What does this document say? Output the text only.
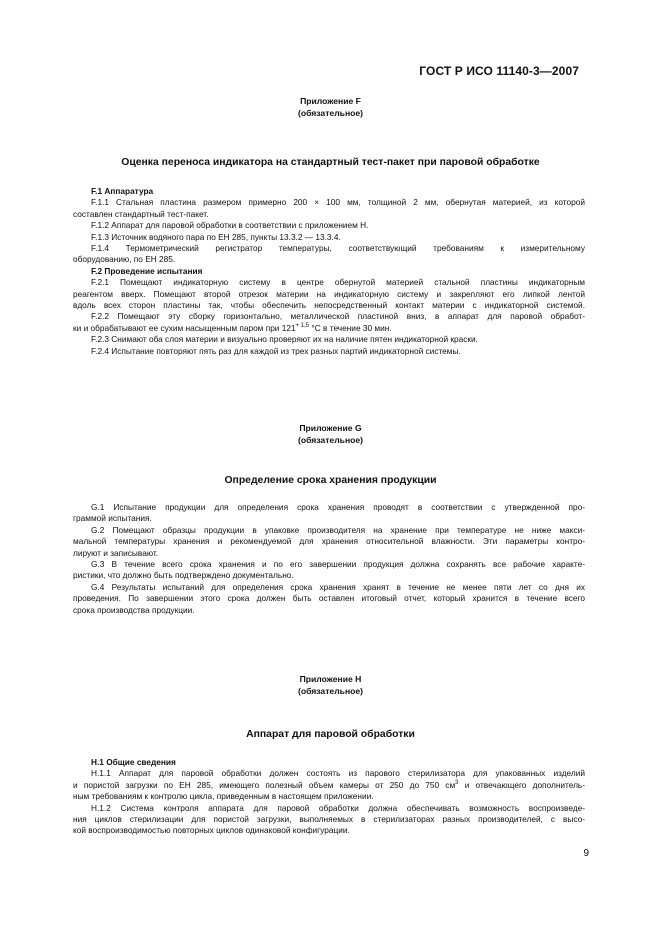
ГОСТ Р ИСО 11140-3—2007
Приложение F
(обязательное)
Оценка переноса индикатора на стандартный тест-пакет при паровой обработке
F.1 Аппаратура
F.1.1 Стальная пластина размером примерно 200 × 100 мм, толщиной 2 мм, обернутая материей, из которой
составлен стандартный тест-пакет.
F.1.2 Аппарат для паровой обработки в соответствии с приложением H.
F.1.3 Источник водяного пара по ЕН 285, пункты 13.3.2 — 13.3.4.
F.1.4 Термометрический регистратор температуры, соответствующий требованиям к измерительному
оборудованию, по ЕН 285.
F.2 Проведение испытания
F.2.1 Помещают индикаторную систему в центре обернутой материей стальной пластины индикаторным
реагентом вверх. Помещают второй отрезок материи на индикаторную систему и закрепляют его липкой лентой
вдоль всех сторон пластины так, чтобы обеспечить непосредственный контакт материи с индикаторной системой.
F.2.2 Помещают эту сборку горизонтально, металлической пластиной вниз, в аппарат для паровой обработ-
ки и обрабатывают ее сухим насыщенным паром при $121^{+ 1,5}$ °С в течение 30 мин.
F.2.3 Снимают оба слоя материи и визуально проверяют их на наличие пятен индикаторной краски.
F.2.4 Испытание повторяют пять раз для каждой из трех разных партий индикаторной системы.
Приложение G
(обязательное)
Определение срока хранения продукции
G.1 Испытание продукции для определения срока хранения проводят в соответствии с утвержденной про-
граммой испытания.
G.2 Помещают образцы продукции в упаковке производителя на хранение при температуре не ниже макси-
мальной температуры хранения и рекомендуемой для хранения относительной влажности. Эти параметры контро-
лируют и записывают.
G.3 В течение всего срока хранения и по его завершении продукция должна сохранять все рабочие характе-
ристики, что должно быть подтверждено документально.
G.4 Результаты испытаний для определения срока хранения хранят в течение не менее пяти лет со дня их
проведения. По завершении этого срока должен быть оставлен итоговый отчет, который хранится в течение всего
срока производства продукции.
Приложение H
(обязательное)
Аппарат для паровой обработки
H.1 Общие сведения
H.1.1 Аппарат для паровой обработки должен состоять из парового стерилизатора для упакованных изделий
и пористой загрузки по ЕН 285, имеющего полезный объем камеры от 250 до 750 $см^3$ и отвечающего дополнитель-
ным требованиям к контролю цикла, приведенным в настоящем приложении.
H.1.2 Система контроля аппарата для паровой обработки должна обеспечивать возможность воспроизведе-
ния циклов стерилизации для пористой загрузки, выполняемых в стерилизаторах разных производителей, с высо-
кой воспроизводимостью повторных циклов одинаковой конфигурации.
9
